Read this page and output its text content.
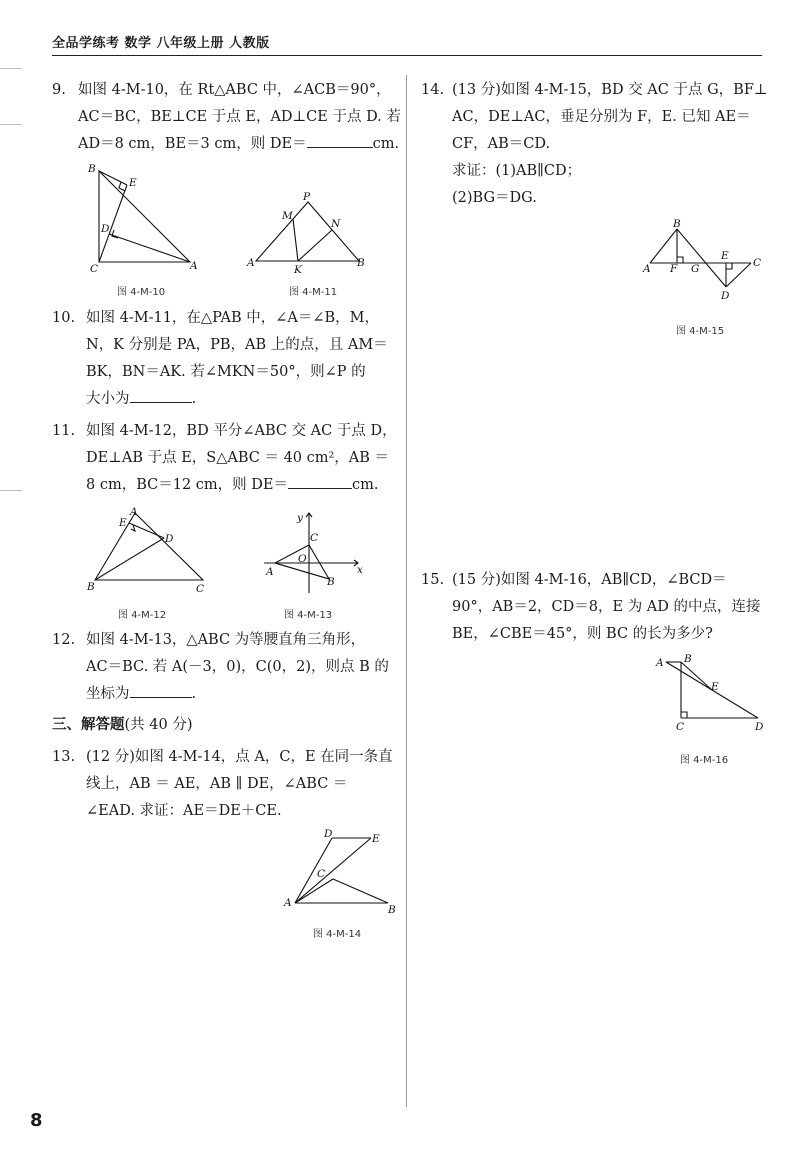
全品学练考 数学 八年级上册 人教版
9. 如图 4-M-10，在 Rt△ABC 中，∠ACB＝90°，
AC＝BC，BE⊥CE 于点 E，AD⊥CE 于点 D. 若
AD＝8 cm，BE＝3 cm，则 DE＝	cm.
B
E
D
C	A
图 4-M-10
P
M
N
A
K
B
图 4-M-11
10. 如图 4-M-11，在△PAB 中，∠A＝∠B，M，
N，K 分别是 PA，PB，AB 上的点，且 AM＝
BK，BN＝AK. 若∠MKN＝50°，则∠P 的
大小为	.
11. 如图 4-M-12，BD 平分∠ABC 交 AC 于点 D，
DE⊥AB 于点 E，S△ABC ＝ 40 cm²，AB ＝
8 cm，BC＝12 cm，则 DE＝	cm.
A
E
D
B	C
图 4-M-12
y
x
O
A
B
C
图 4-M-13
12. 如图 4-M-13，△ABC 为等腰直角三角形，
AC＝BC. 若 A(－3，0)，C(0，2)，则点 B 的
坐标为	.
三、解答题(共 40 分)
13. (12 分)如图 4-M-14，点 A，C，E 在同一条直
线上，AB ＝ AE，AB ∥ DE，∠ABC ＝
∠EAD. 求证：AE＝DE＋CE.
D	E
C
A
B
图 4-M-14
14. (13 分)如图 4-M-15，BD 交 AC 于点 G，BF⊥
AC，DE⊥AC，垂足分别为 F，E. 已知 AE＝
CF，AB＝CD.
求证：(1)AB∥CD；
(2)BG＝DG.
B
A F G
E
C
D
图 4-M-15
15. (15 分)如图 4-M-16，AB∥CD，∠BCD＝
90°，AB＝2，CD＝8，E 为 AD 的中点，连接
BE，∠CBE＝45°，则 BC 的长为多少?
A B
E
C	D
图 4-M-16
8
